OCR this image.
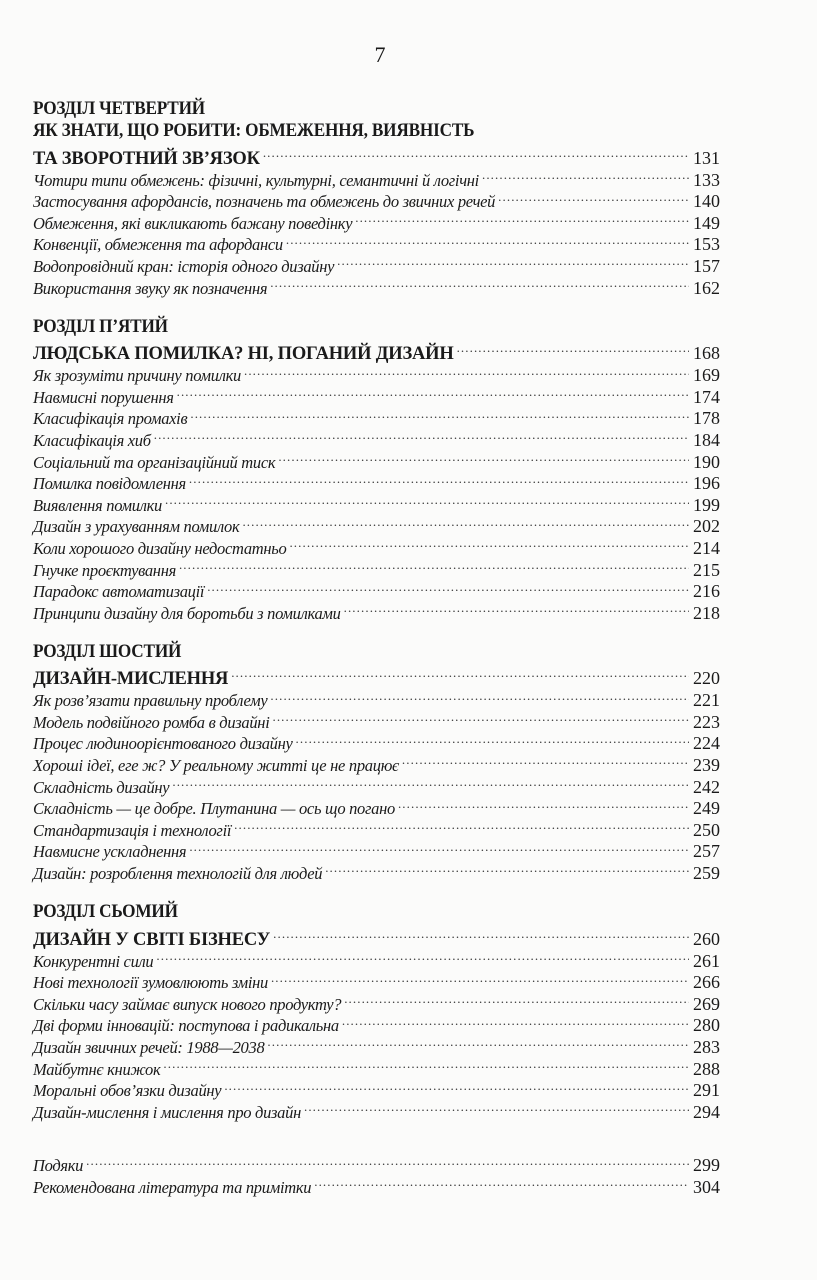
7
РОЗДІЛ ЧЕТВЕРТИЙ
ЯК ЗНАТИ, ЩО РОБИТИ: ОБМЕЖЕННЯ, ВИЯВНІСТЬ
ТА ЗВОРОТНИЙ ЗВ’ЯЗОК .....	131
Чотири типи обмежень: фізичні, культурні, семантичні й логічні .....	133
Застосування афордансів, позначень та обмежень до звичних речей .....	140
Обмеження, які викликають бажану поведінку .....	149
Конвенції, обмеження та афорданси .....	153
Водопровідний кран: історія одного дизайну .....	157
Використання звуку як позначення .....	162
РОЗДІЛ П’ЯТИЙ
ЛЮДСЬКА ПОМИЛКА? НІ, ПОГАНИЙ ДИЗАЙН .....	168
Як зрозуміти причину помилки .....	169
Навмисні порушення .....	174
Класифікація промахів .....	178
Класифікація хиб .....	184
Соціальний та організаційний тиск .....	190
Помилка повідомлення .....	196
Виявлення помилки .....	199
Дизайн з урахуванням помилок .....	202
Коли хорошого дизайну недостатньо .....	214
Гнучке проєктування .....	215
Парадокс автоматизації .....	216
Принципи дизайну для боротьби з помилками .....	218
РОЗДІЛ ШОСТИЙ
ДИЗАЙН-МИСЛЕННЯ .....	220
Як розв’язати правильну проблему .....	221
Модель подвійного ромба в дизайні .....	223
Процес людиноорієнтованого дизайну .....	224
Хороші ідеї, еге ж? У реальному житті це не працює .....	239
Складність дизайну .....	242
Складність — це добре. Плутанина — ось що погано .....	249
Стандартизація і технології .....	250
Навмисне ускладнення .....	257
Дизайн: розроблення технологій для людей .....	259
РОЗДІЛ СЬОМИЙ
ДИЗАЙН У СВІТІ БІЗНЕСУ .....	260
Конкурентні сили .....	261
Нові технології зумовлюють зміни .....	266
Скільки часу займає випуск нового продукту? .....	269
Дві форми інновацій: поступова і радикальна .....	280
Дизайн звичних речей: 1988—2038 .....	283
Майбутнє книжок .....	288
Моральні обов’язки дизайну .....	291
Дизайн-мислення і мислення про дизайн .....	294
Подяки .....	299
Рекомендована література та примітки .....	304
